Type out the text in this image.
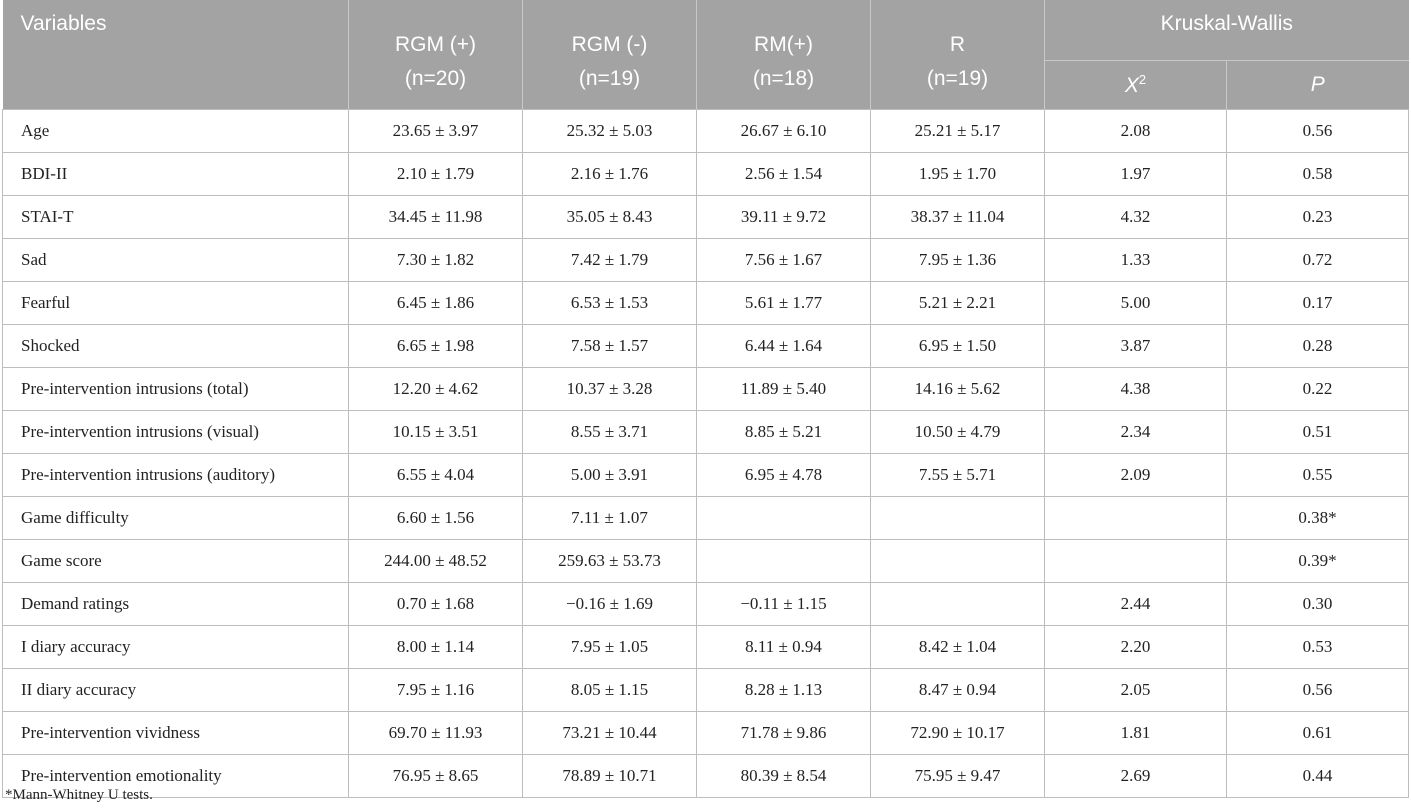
Variables	RGM (+)	RGM (-)	RM(+)	R	Kruskal-Wallis	
	(n=20)	(n=19)	(n=18)	(n=19)	$X^2$	P
Age	23.65 ± 3.97	25.32 ± 5.03	26.67 ± 6.10	25.21 ± 5.17	2.08	0.56
BDI-II	2.10 ± 1.79	2.16 ± 1.76	2.56 ± 1.54	1.95 ± 1.70	1.97	0.58
STAI-T	34.45 ± 11.98	35.05 ± 8.43	39.11 ± 9.72	38.37 ± 11.04	4.32	0.23
Sad	7.30 ± 1.82	7.42 ± 1.79	7.56 ± 1.67	7.95 ± 1.36	1.33	0.72
Fearful	6.45 ± 1.86	6.53 ± 1.53	5.61 ± 1.77	5.21 ± 2.21	5.00	0.17
Shocked	6.65 ± 1.98	7.58 ± 1.57	6.44 ± 1.64	6.95 ± 1.50	3.87	0.28
Pre-intervention intrusions (total)	12.20 ± 4.62	10.37 ± 3.28	11.89 ± 5.40	14.16 ± 5.62	4.38	0.22
Pre-intervention intrusions (visual)	10.15 ± 3.51	8.55 ± 3.71	8.85 ± 5.21	10.50 ± 4.79	2.34	0.51
Pre-intervention intrusions (auditory)	6.55 ± 4.04	5.00 ± 3.91	6.95 ± 4.78	7.55 ± 5.71	2.09	0.55
Game difficulty	6.60 ± 1.56	7.11 ± 1.07				0.38*
Game score	244.00 ± 48.52	259.63 ± 53.73				0.39*
Demand ratings	0.70 ± 1.68	−0.16 ± 1.69	−0.11 ± 1.15		2.44	0.30
I diary accuracy	8.00 ± 1.14	7.95 ± 1.05	8.11 ± 0.94	8.42 ± 1.04	2.20	0.53
II diary accuracy	7.95 ± 1.16	8.05 ± 1.15	8.28 ± 1.13	8.47 ± 0.94	2.05	0.56
Pre-intervention vividness	69.70 ± 11.93	73.21 ± 10.44	71.78 ± 9.86	72.90 ± 10.17	1.81	0.61
Pre-intervention emotionality	76.95 ± 8.65	78.89 ± 10.71	80.39 ± 8.54	75.95 ± 9.47	2.69	0.44
*Mann-Whitney U tests.
